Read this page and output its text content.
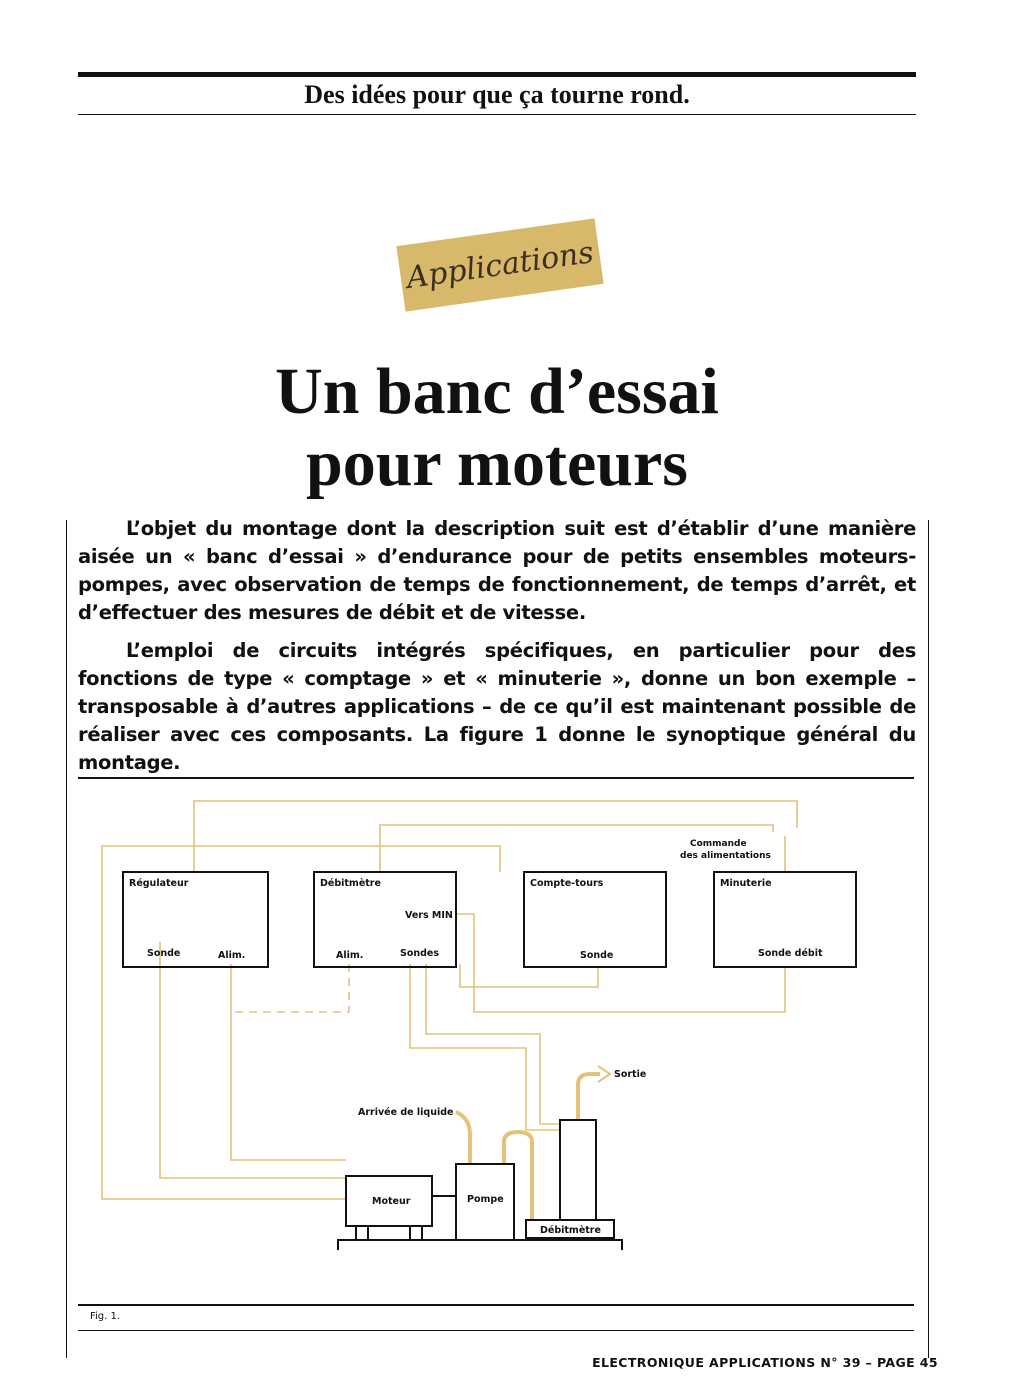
Des idées pour que ça tourne rond.
Applications
Un banc d’essai
pour moteurs

L’objet du montage dont la description suit est d’établir d’une manière aisée un « banc d’essai » d’endurance pour de petits ensembles moteurs-pompes, avec observation de temps de fonctionnement, de temps d’arrêt, et d’effectuer des mesures de débit et de vitesse.

L’emploi de circuits intégrés spécifiques, en particulier pour des fonctions de type « comptage » et « minuterie », donne un bon exemple – transposable à d’autres applications – de ce qu’il est maintenant possible de réaliser avec ces composants. La figure 1 donne le synoptique général du montage.

Régulateur
Sonde	Alim.
Débitmètre
Vers MIN
Alim.	Sondes
Compte-tours
Sonde
Minuterie
Sonde débit
Commande
des alimentations
Moteur	Pompe
Débitmètre
Sortie
Arrivée de liquide
Fig. 1.
ELECTRONIQUE APPLICATIONS N° 39 – PAGE 45
